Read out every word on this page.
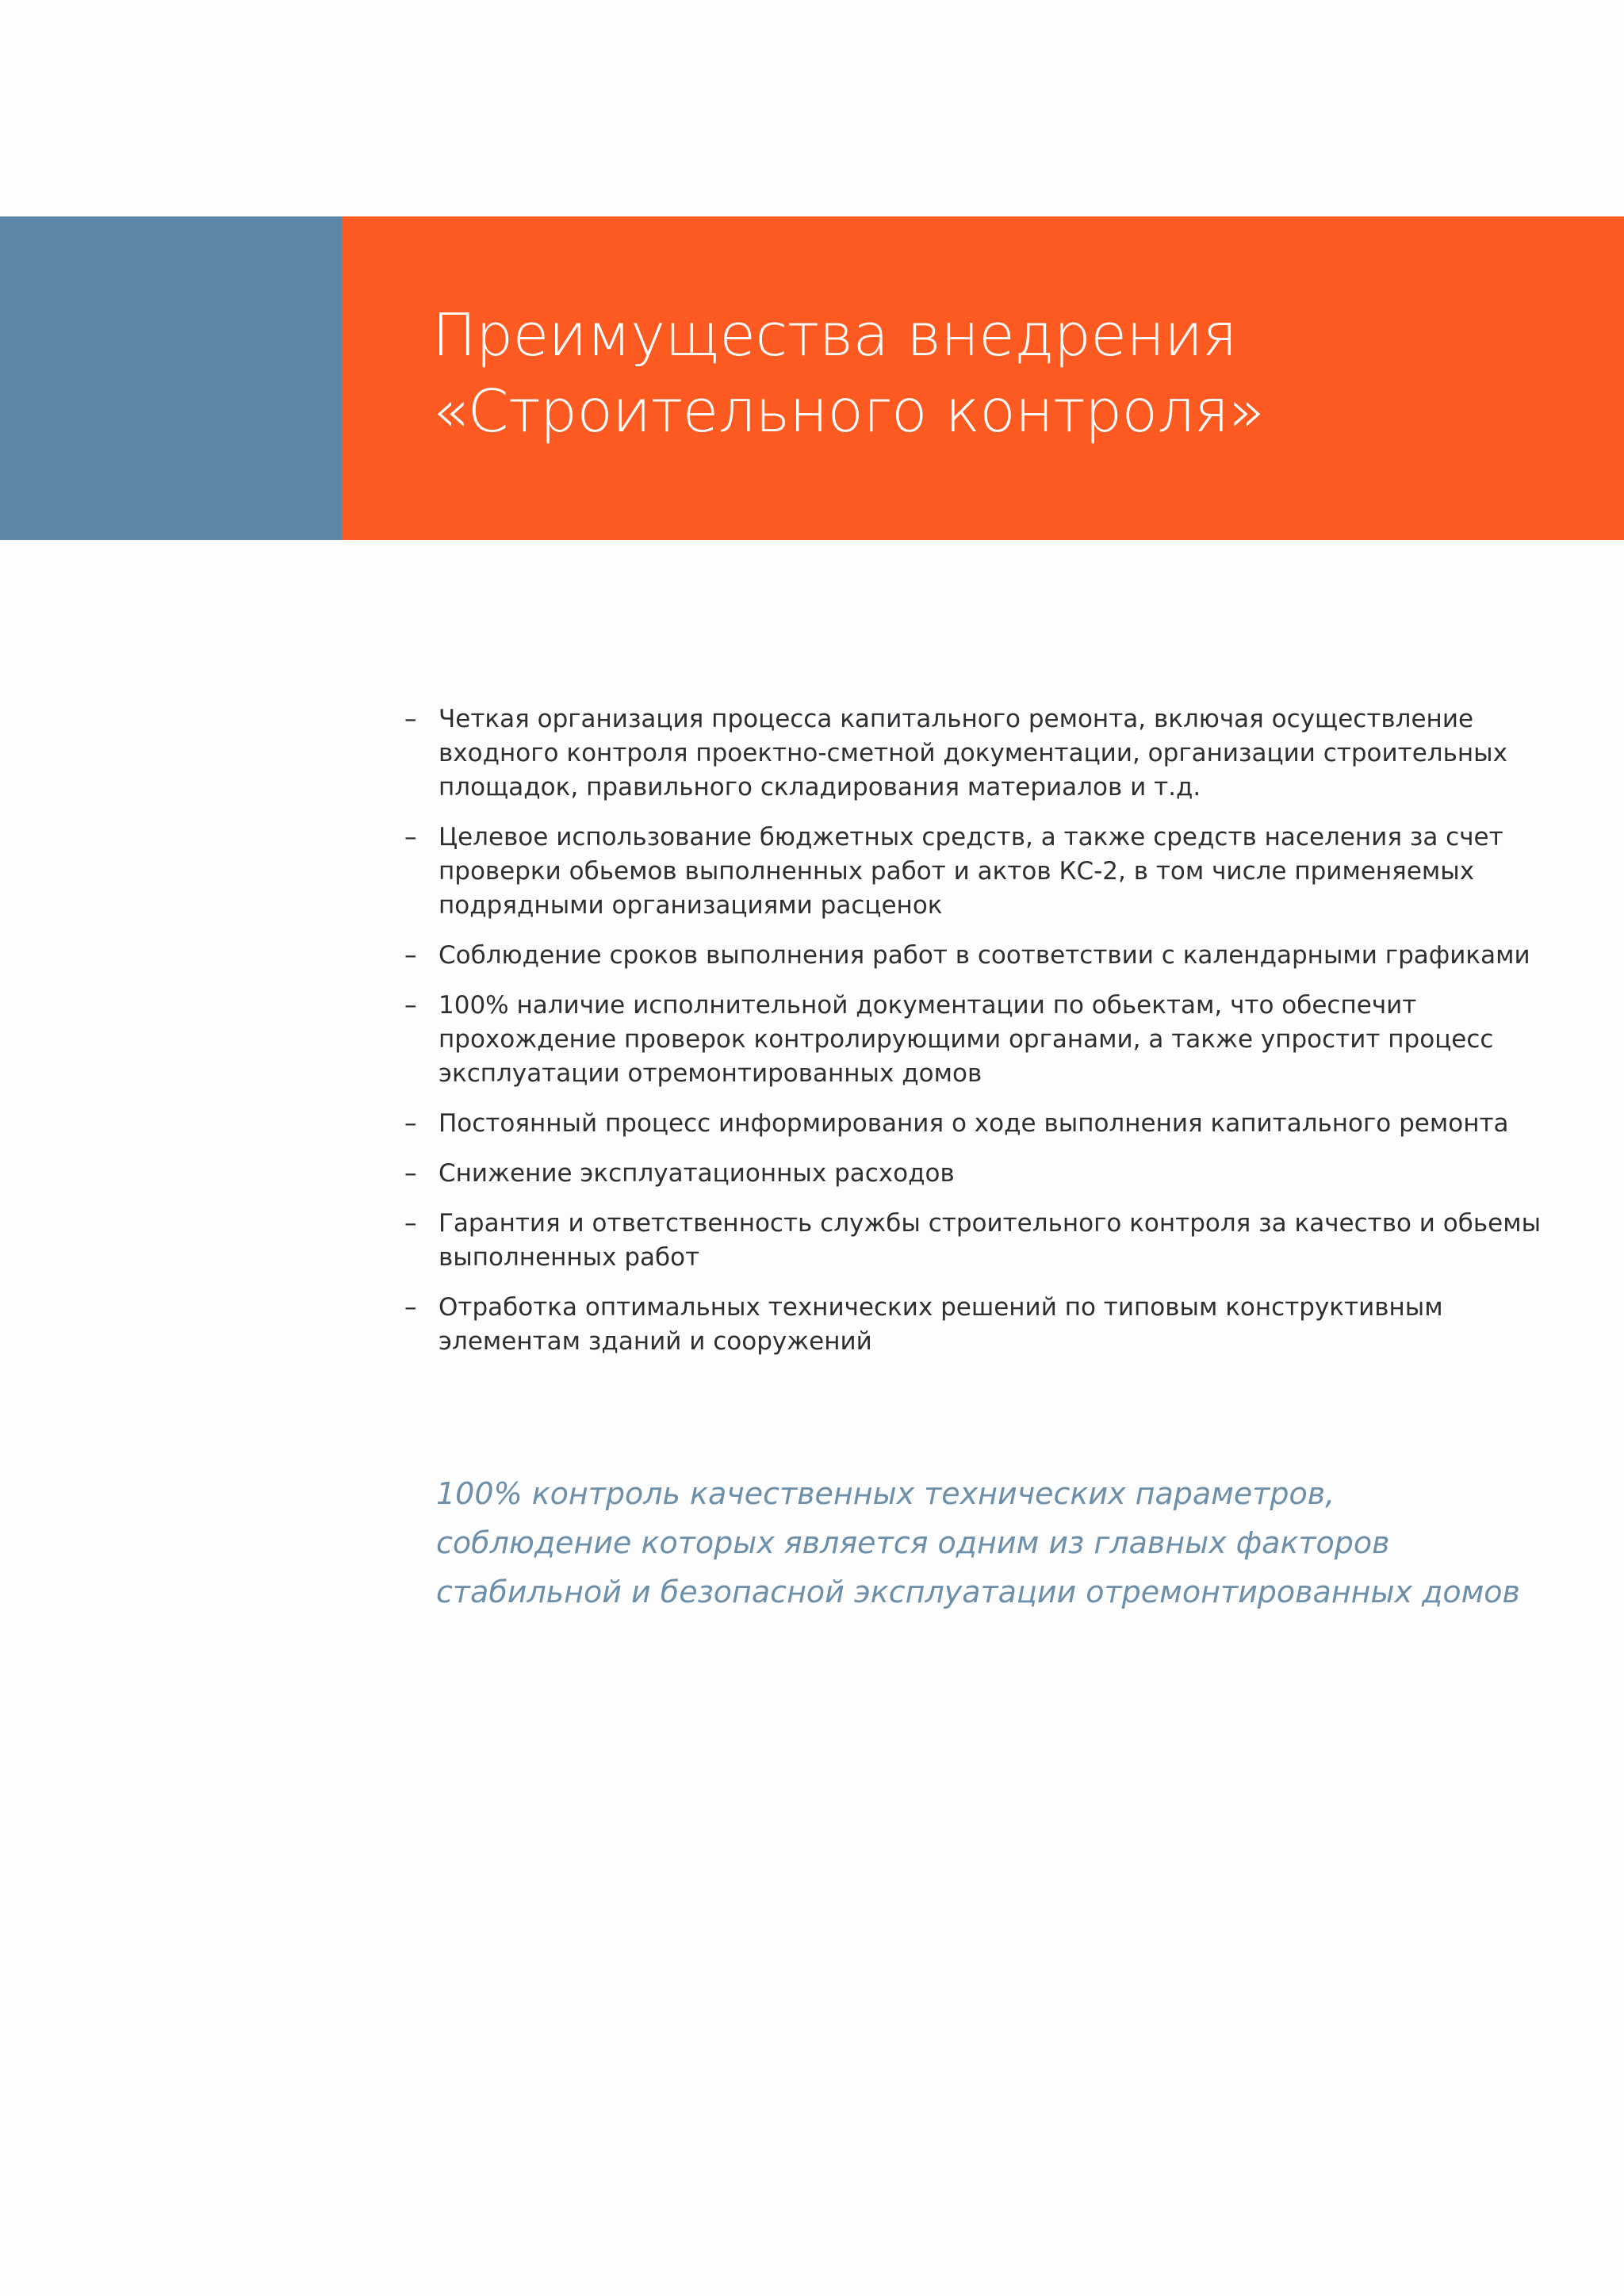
Преимущества внедрения
«Строительного контроля»
– Четкая организация процесса капитального ремонта, включая осуществление
входного контроля проектно-сметной документации, организации строительных
площадок, правильного складирования материалов и т.д.
– Целевое использование бюджетных средств, а также средств населения за счет
проверки обьемов выполненных работ и актов КС-2, в том числе применяемых
подрядными организациями расценок
– Соблюдение сроков выполнения работ в соответствии с календарными графиками
– 100% наличие исполнительной документации по обьектам, что обеспечит
прохождение проверок контролирующими органами, а также упростит процесс
эксплуатации отремонтированных домов
– Постоянный процесс информирования о ходе выполнения капитального ремонта
– Снижение эксплуатационных расходов
– Гарантия и ответственность службы строительного контроля за качество и обьемы
выполненных работ
– Отработка оптимальных технических решений по типовым конструктивным
элементам зданий и сооружений

100% контроль качественных технических параметров,
соблюдение которых является одним из главных факторов
стабильной и безопасной эксплуатации отремонтированных домов
